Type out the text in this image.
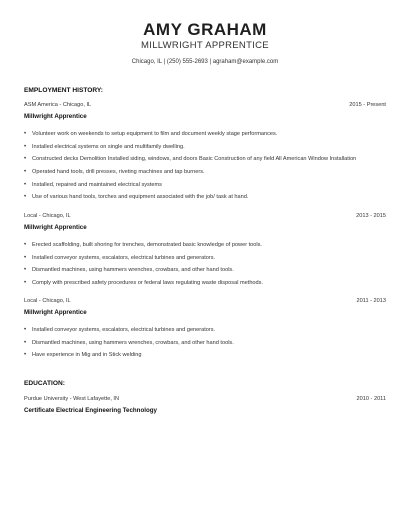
AMY GRAHAM
MILLWRIGHT APPRENTICE
Chicago, IL | (250) 555-2693 | agraham@example.com
EMPLOYMENT HISTORY:
ASM America - Chicago, IL	2015 - Present
Millwright Apprentice
• Volunteer work on weekends to setup equipment to film and document weekly stage performances.
• Installed electrical systems on single and multifamily dwelling.
• Constructed decks Demolition Installed siding, windows, and doors Basic Construction of any field All American Window Installation
• Operated hand tools, drill presses, riveting machines and tap burners.
• Installed, repaired and maintained electrical systems
• Use of various hand tools, torches and equipment associated with the job/ task at hand.
Local - Chicago, IL	2013 - 2015
Millwright Apprentice
• Erected scaffolding, built shoring for trenches, demonstrated basic knowledge of power tools.
• Installed conveyor systems, escalators, electrical turbines and generators.
• Dismantled machines, using hammers wrenches, crowbars, and other hand tools.
• Comply with prescribed safety procedures or federal laws regulating waste disposal methods.
Local - Chicago, IL	2011 - 2013
Millwright Apprentice
• Installed conveyor systems, escalators, electrical turbines and generators.
• Dismantled machines, using hammers wrenches, crowbars, and other hand tools.
• Have experience in Mig and in Stick welding
EDUCATION:
Purdue University - West Lafayette, IN	2010 - 2011
Certificate Electrical Engineering Technology
